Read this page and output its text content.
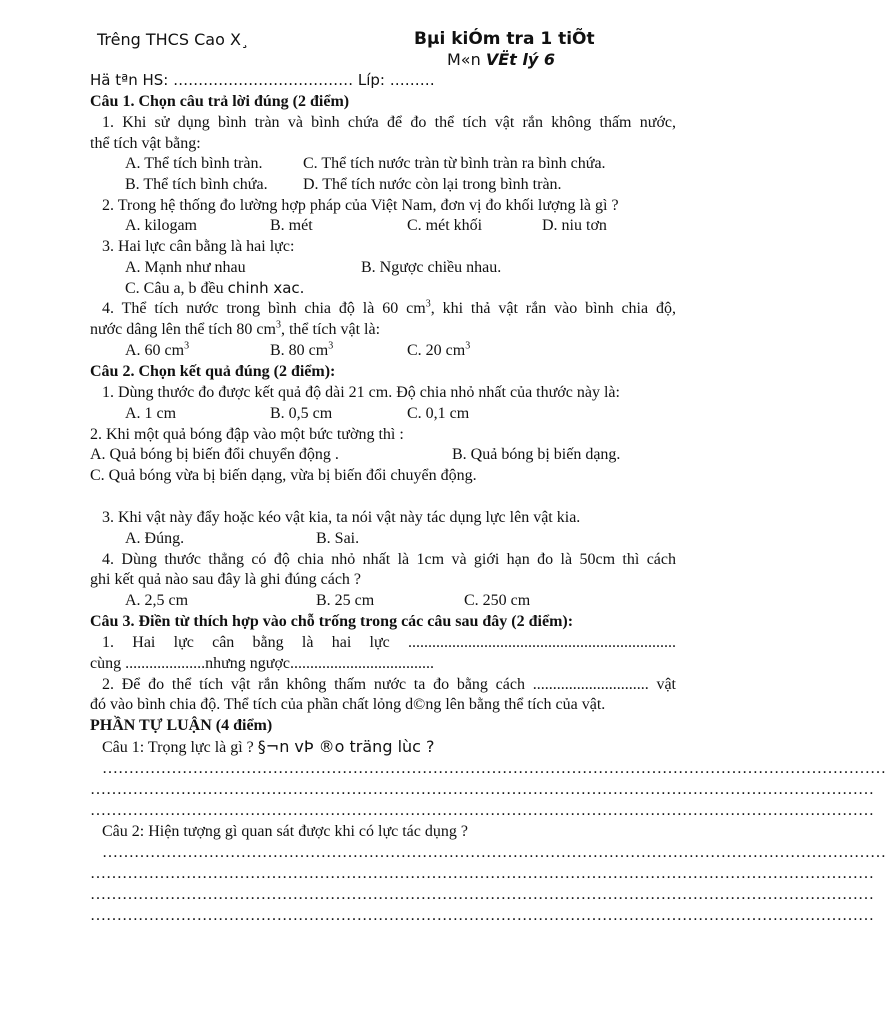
Trêng THCS Cao X¸	Bµi kiÓm tra 1 tiÕt
M«n VËt lý 6
Hä tªn HS: ……………………………… Líp: ………
Câu 1. Chọn câu trả lời đúng (2 điểm)
1. Khi sử dụng bình tràn và bình chứa để đo thể tích vật rắn không thấm nước,
thể tích vật bằng:
A. Thể tích bình tràn.	C. Thể tích nước tràn từ bình tràn ra bình chứa.
B. Thể tích bình chứa. D. Thể tích nước còn lại trong bình tràn.
2. Trong hệ thống đo lường hợp pháp của Việt Nam, đơn vị đo khối lượng là gì ?
A. kilogam	B. mét	C. mét khối	D. niu tơn
3. Hai lực cân bằng là hai lực:
A. Mạnh như nhau	B. Ngược chiều nhau.
C. Câu a, b đều chinh xac.
4. Thể tích nước trong bình chia độ là 60 $cm^3$, khi thả vật rắn vào bình chia độ,
nước dâng lên thể tích 80 $cm^3$, thể tích vật là:
A. 60 $cm^3$	B. 80 $cm^3$	C. 20 $cm^3$
Câu 2. Chọn kết quả đúng (2 điểm):
1. Dùng thước đo được kết quả độ dài 21 cm. Độ chia nhỏ nhất của thước này là:
A. 1 cm	B. 0,5 cm	C. 0,1 cm
2. Khi một quả bóng đập vào một bức tường thì :
A. Quả bóng bị biến đổi chuyển động .	B. Quả bóng bị biến dạng.
C. Quả bóng vừa bị biến dạng, vừa bị biến đổi chuyển động.
3. Khi vật này đẩy hoặc kéo vật kia, ta nói vật này tác dụng lực lên vật kia.
A. Đúng.	B. Sai.
4. Dùng thước thẳng có độ chia nhỏ nhất là 1cm và giới hạn đo là 50cm thì cách
ghi kết quả nào sau đây là ghi đúng cách ?
A. 2,5 cm	B. 25 cm	C. 250 cm
Câu 3. Điền từ thích hợp vào chỗ trống trong các câu sau đây (2 điểm):
1. Hai lực cân bằng là hai lực ...................................................................
cùng ....................nhưng ngược....................................
2. Để đo thể tích vật rắn không thấm nước ta đo bằng cách ............................. vật
đó vào bình chia độ. Thể tích của phần chất lỏng d©ng lên bằng thể tích của vật.
PHẦN TỰ LUẬN (4 điểm)
Câu 1: Trọng lực là gì ? §¬n vÞ ®o träng lùc ?
…………………………………………………………………………………………………………………………………
…………………………………………………………………………………………………………………………………
…………………………………………………………………………………………………………………………………
Câu 2: Hiện tượng gì quan sát được khi có lực tác dụng ?
…………………………………………………………………………………………………………………………………
…………………………………………………………………………………………………………………………………
…………………………………………………………………………………………………………………………………
…………………………………………………………………………………………………………………………………
